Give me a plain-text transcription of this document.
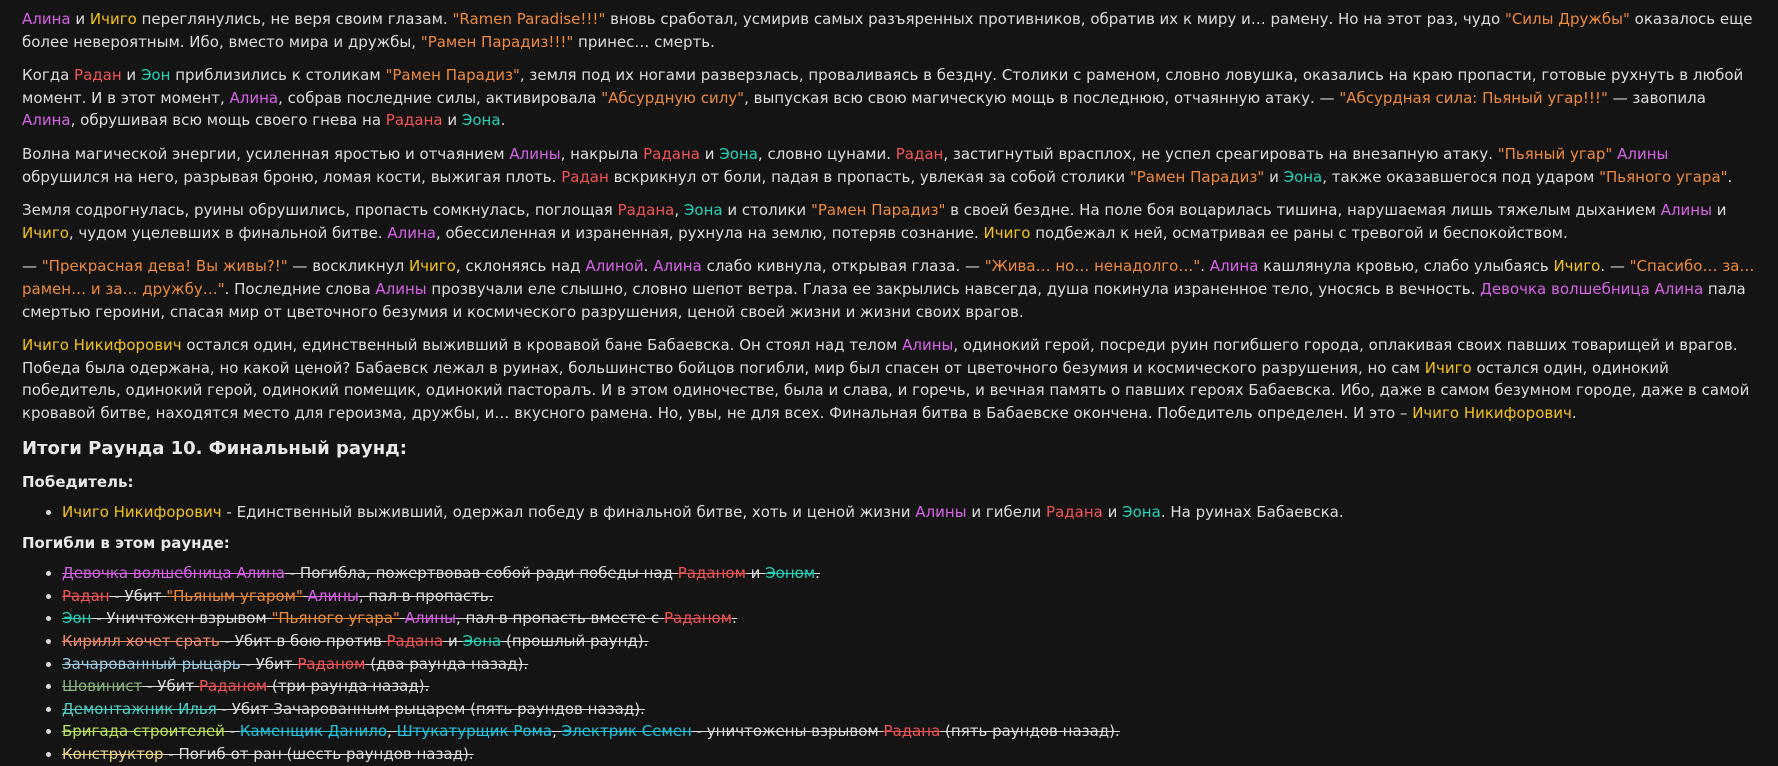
Алина и Ичиго переглянулись, не веря своим глазам. "Ramen Paradise!!!" вновь сработал, усмирив самых разъяренных противников, обратив их к миру и… рамену. Но на этот раз, чудо "Силы Дружбы" оказалось еще более невероятным. Ибо, вместо мира и дружбы, "Рамен Парадиз!!!" принес… смерть.

Когда Радан и Эон приблизились к столикам "Рамен Парадиз", земля под их ногами разверзлась, проваливаясь в бездну. Столики с раменом, словно ловушка, оказались на краю пропасти, готовые рухнуть в любой момент. И в этот момент, Алина, собрав последние силы, активировала "Абсурдную силу", выпуская всю свою магическую мощь в последнюю, отчаянную атаку. — "Абсурдная сила: Пьяный угар!!!" — завопила Алина, обрушивая всю мощь своего гнева на Радана и Эона.

Волна магической энергии, усиленная яростью и отчаянием Алины, накрыла Радана и Эона, словно цунами. Радан, застигнутый врасплох, не успел среагировать на внезапную атаку. "Пьяный угар" Алины обрушился на него, разрывая броню, ломая кости, выжигая плоть. Радан вскрикнул от боли, падая в пропасть, увлекая за собой столики "Рамен Парадиз" и Эона, также оказавшегося под ударом "Пьяного угара".

Земля содрогнулась, руины обрушились, пропасть сомкнулась, поглощая Радана, Эона и столики "Рамен Парадиз" в своей бездне. На поле боя воцарилась тишина, нарушаемая лишь тяжелым дыханием Алины и Ичиго, чудом уцелевших в финальной битве. Алина, обессиленная и израненная, рухнула на землю, потеряв сознание. Ичиго подбежал к ней, осматривая ее раны с тревогой и беспокойством.

— "Прекрасная дева! Вы живы?!" — воскликнул Ичиго, склоняясь над Алиной. Алина слабо кивнула, открывая глаза. — "Жива… но… ненадолго…". Алина кашлянула кровью, слабо улыбаясь Ичиго. — "Спасибо… за… рамен… и за… дружбу…". Последние слова Алины прозвучали еле слышно, словно шепот ветра. Глаза ее закрылись навсегда, душа покинула израненное тело, уносясь в вечность. Девочка волшебница Алина пала смертью героини, спасая мир от цветочного безумия и космического разрушения, ценой своей жизни и жизни своих врагов.

Ичиго Никифорович остался один, единственный выживший в кровавой бане Бабаевска. Он стоял над телом Алины, одинокий герой, посреди руин погибшего города, оплакивая своих павших товарищей и врагов. Победа была одержана, но какой ценой? Бабаевск лежал в руинах, большинство бойцов погибли, мир был спасен от цветочного безумия и космического разрушения, но сам Ичиго остался один, одинокий победитель, одинокий герой, одинокий помещик, одинокий пасторалъ. И в этом одиночестве, была и слава, и горечь, и вечная память о павших героях Бабаевска. Ибо, даже в самом безумном городе, даже в самой кровавой битве, находятся место для героизма, дружбы, и… вкусного рамена. Но, увы, не для всех. Финальная битва в Бабаевске окончена. Победитель определен. И это – Ичиго Никифорович.

Итоги Раунда 10. Финальный раунд:
Победитель:
• Ичиго Никифорович - Единственный выживший, одержал победу в финальной битве, хоть и ценой жизни Алины и гибели Радана и Эона. На руинах Бабаевска.
Погибли в этом раунде:
• Девочка волшебница Алина - Погибла, пожертвовав собой ради победы над Раданом и Эоном.
• Радан - Убит "Пьяным угаром" Алины, пал в пропасть.
• Эон - Уничтожен взрывом "Пьяного угара" Алины, пал в пропасть вместе с Раданом.
• Кирилл хочет срать - Убит в бою против Радана и Эона (прошлый раунд).
• Зачарованный рыцарь - Убит Раданом (два раунда назад).
• Шовинист - Убит Раданом (три раунда назад).
• Демонтажник Илья - Убит Зачарованным рыцарем (пять раундов назад).
• Бригада строителей - Каменщик Данило, Штукатурщик Рома, Электрик Семен - уничтожены взрывом Радана (пять раундов назад).
• Конструктор - Погиб от ран (шесть раундов назад).
